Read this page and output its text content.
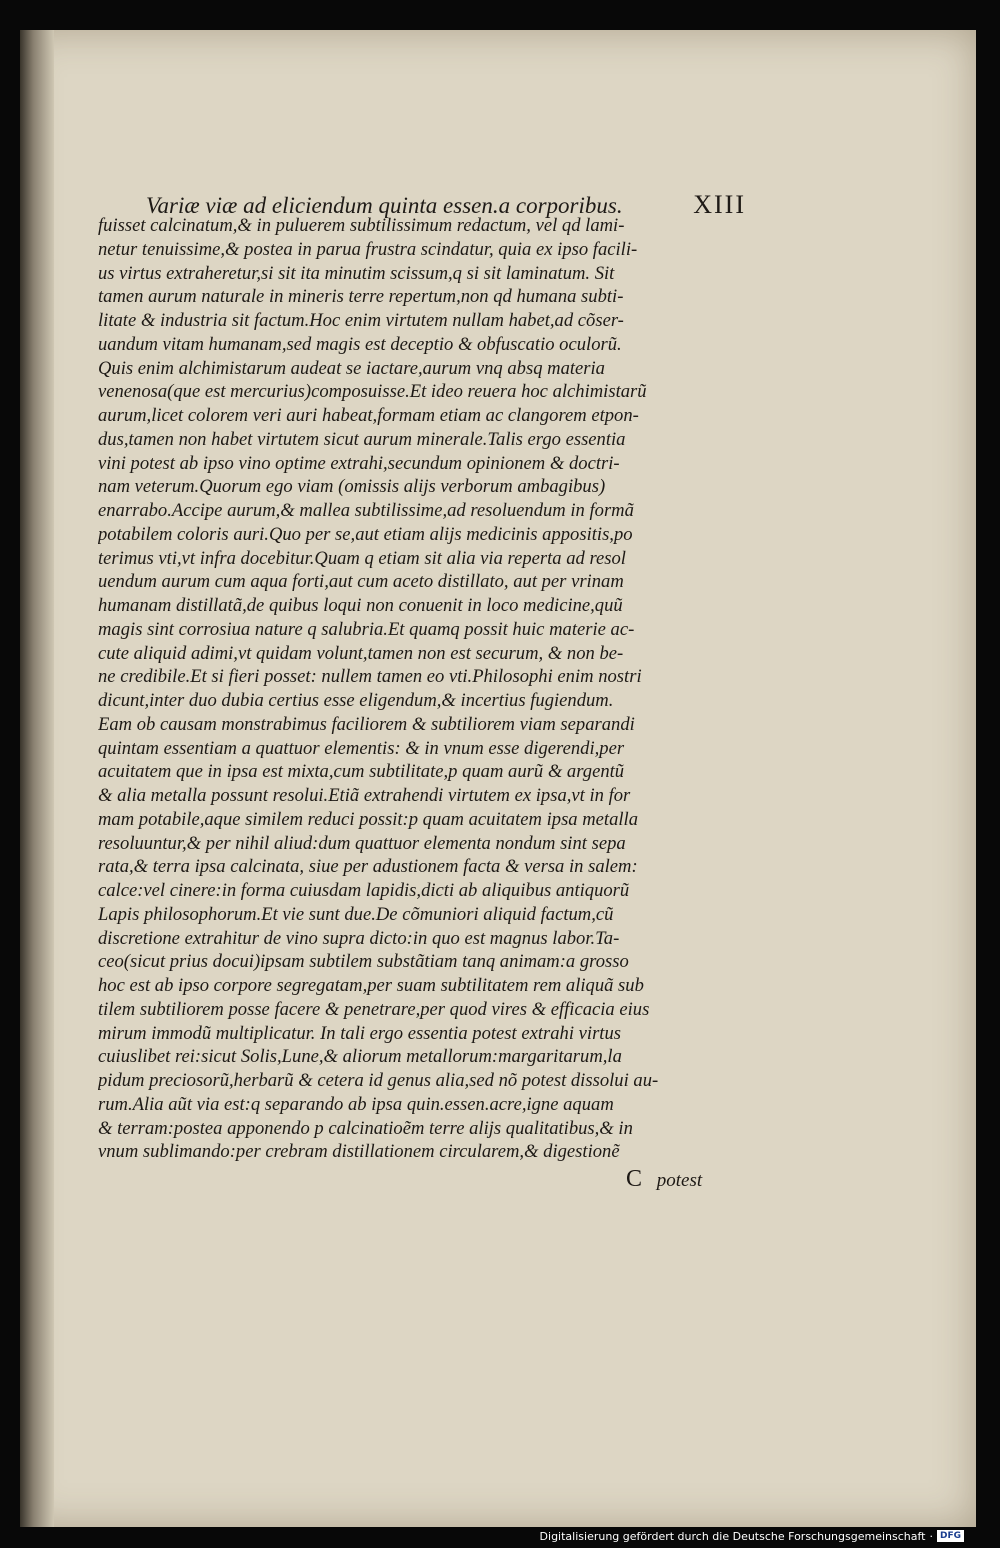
Variæ viæ ad eliciendum quinta essen.a corporibus.	XIII
fuisset calcinatum,& in puluerem subtilissimum redactum, vel qd lami-
netur tenuissime,& postea in parua frustra scindatur, quia ex ipso facili-
us virtus extraheretur,si sit ita minutim scissum,q si sit laminatum. Sit
tamen aurum naturale in mineris terre repertum,non qd humana subti-
litate & industria sit factum.Hoc enim virtutem nullam habet,ad cõser-
uandum vitam humanam,sed magis est deceptio & obfuscatio oculorũ.
Quis enim alchimistarum audeat se iactare,aurum vnq absq materia
venenosa(que est mercurius)composuisse.Et ideo reuera hoc alchimistarũ
aurum,licet colorem veri auri habeat,formam etiam ac clangorem etpon-
dus,tamen non habet virtutem sicut aurum minerale.Talis ergo essentia
vini potest ab ipso vino optime extrahi,secundum opinionem & doctri-
nam veterum.Quorum ego viam (omissis alijs verborum ambagibus)
enarrabo.Accipe aurum,& mallea subtilissime,ad resoluendum in formã
potabilem coloris auri.Quo per se,aut etiam alijs medicinis appositis,po
terimus vti,vt infra docebitur.Quam q etiam sit alia via reperta ad resol
uendum aurum cum aqua forti,aut cum aceto distillato, aut per vrinam
humanam distillatã,de quibus loqui non conuenit in loco medicine,quũ
magis sint corrosiua nature q salubria.Et quamq possit huic materie ac-
cute aliquid adimi,vt quidam volunt,tamen non est securum, & non be-
ne credibile.Et si fieri posset: nullem tamen eo vti.Philosophi enim nostri
dicunt,inter duo dubia certius esse eligendum,& incertius fugiendum.
Eam ob causam monstrabimus faciliorem & subtiliorem viam separandi
quintam essentiam a quattuor elementis: & in vnum esse digerendi,per
acuitatem que in ipsa est mixta,cum subtilitate,p quam aurũ & argentũ
& alia metalla possunt resolui.Etiã extrahendi virtutem ex ipsa,vt in for
mam potabile,aque similem reduci possit:p quam acuitatem ipsa metalla
resoluuntur,& per nihil aliud:dum quattuor elementa nondum sint sepa
rata,& terra ipsa calcinata, siue per adustionem facta & versa in salem:
calce:vel cinere:in forma cuiusdam lapidis,dicti ab aliquibus antiquorũ
Lapis philosophorum.Et vie sunt due.De cõmuniori aliquid factum,cũ
discretione extrahitur de vino supra dicto:in quo est magnus labor.Ta-
ceo(sicut prius docui)ipsam subtilem substãtiam tanq animam:a grosso
hoc est ab ipso corpore segregatam,per suam subtilitatem rem aliquã sub
tilem subtiliorem posse facere & penetrare,per quod vires & efficacia eius
mirum immodũ multiplicatur. In tali ergo essentia potest extrahi virtus
cuiuslibet rei:sicut Solis,Lune,& aliorum metallorum:margaritarum,la
pidum preciosorũ,herbarũ & cetera id genus alia,sed nõ potest dissolui au-
rum.Alia aũt via est:q separando ab ipsa quin.essen.acre,igne aquam
& terram:postea apponendo p calcinatioẽm terre alijs qualitatibus,& in
vnum sublimando:per crebram distillationem circularem,& digestionẽ
C potest
Digitalisierung gefördert durch die Deutsche Forschungsgemeinschaft · DFG
